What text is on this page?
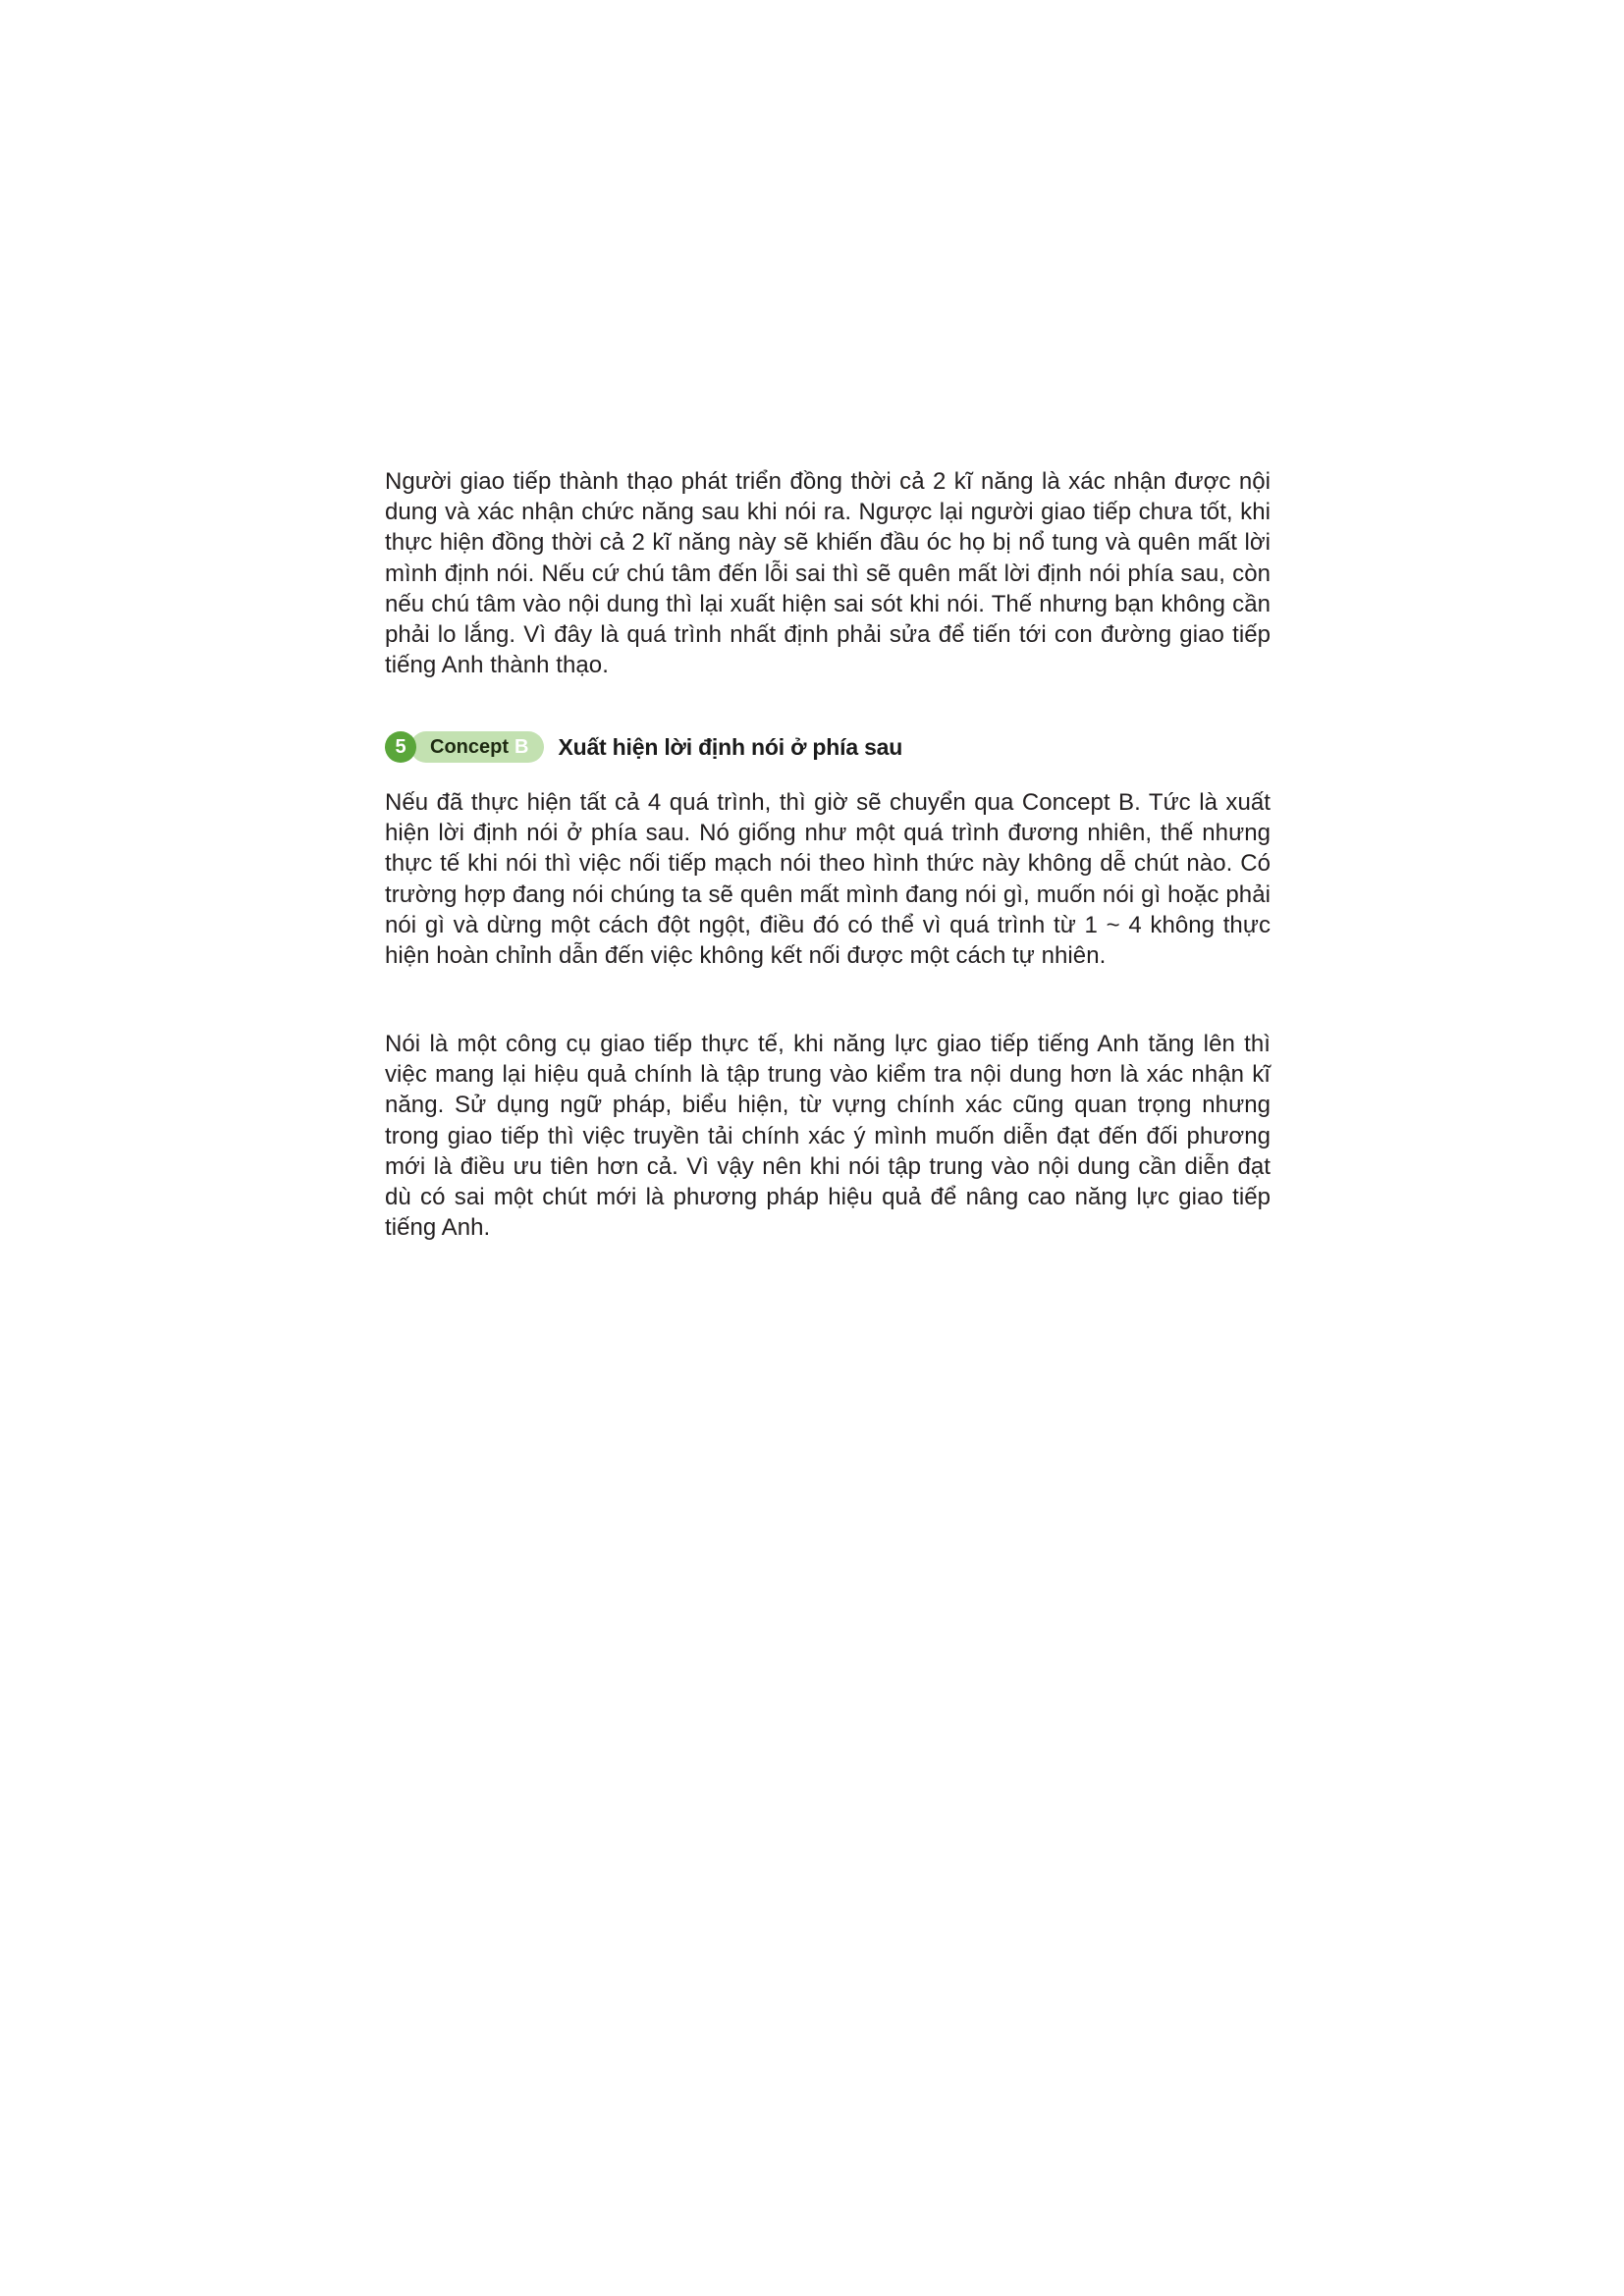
Người giao tiếp thành thạo phát triển đồng thời cả 2 kĩ năng là xác nhận được nội dung và xác nhận chức năng sau khi nói ra. Ngược lại người giao tiếp chưa tốt, khi thực hiện đồng thời cả 2 kĩ năng này sẽ khiến đầu óc họ bị nổ tung và quên mất lời mình định nói. Nếu cứ chú tâm đến lỗi sai thì sẽ quên mất lời định nói phía sau, còn nếu chú tâm vào nội dung thì lại xuất hiện sai sót khi nói. Thế nhưng bạn không cần phải lo lắng. Vì đây là quá trình nhất định phải sửa để tiến tới con đường giao tiếp tiếng Anh thành thạo.

5	Concept B Xuất hiện lời định nói ở phía sau

Nếu đã thực hiện tất cả 4 quá trình, thì giờ sẽ chuyển qua Concept B. Tức là xuất hiện lời định nói ở phía sau. Nó giống như một quá trình đương nhiên, thế nhưng thực tế khi nói thì việc nối tiếp mạch nói theo hình thức này không dễ chút nào. Có trường hợp đang nói chúng ta sẽ quên mất mình đang nói gì, muốn nói gì hoặc phải nói gì và dừng một cách đột ngột, điều đó có thể vì quá trình từ 1 ~ 4 không thực hiện hoàn chỉnh dẫn đến việc không kết nối được một cách tự nhiên.

Nói là một công cụ giao tiếp thực tế, khi năng lực giao tiếp tiếng Anh tăng lên thì việc mang lại hiệu quả chính là tập trung vào kiểm tra nội dung hơn là xác nhận kĩ năng. Sử dụng ngữ pháp, biểu hiện, từ vựng chính xác cũng quan trọng nhưng trong giao tiếp thì việc truyền tải chính xác ý mình muốn diễn đạt đến đối phương mới là điều ưu tiên hơn cả. Vì vậy nên khi nói tập trung vào nội dung cần diễn đạt dù có sai một chút mới là phương pháp hiệu quả để nâng cao năng lực giao tiếp tiếng Anh.
